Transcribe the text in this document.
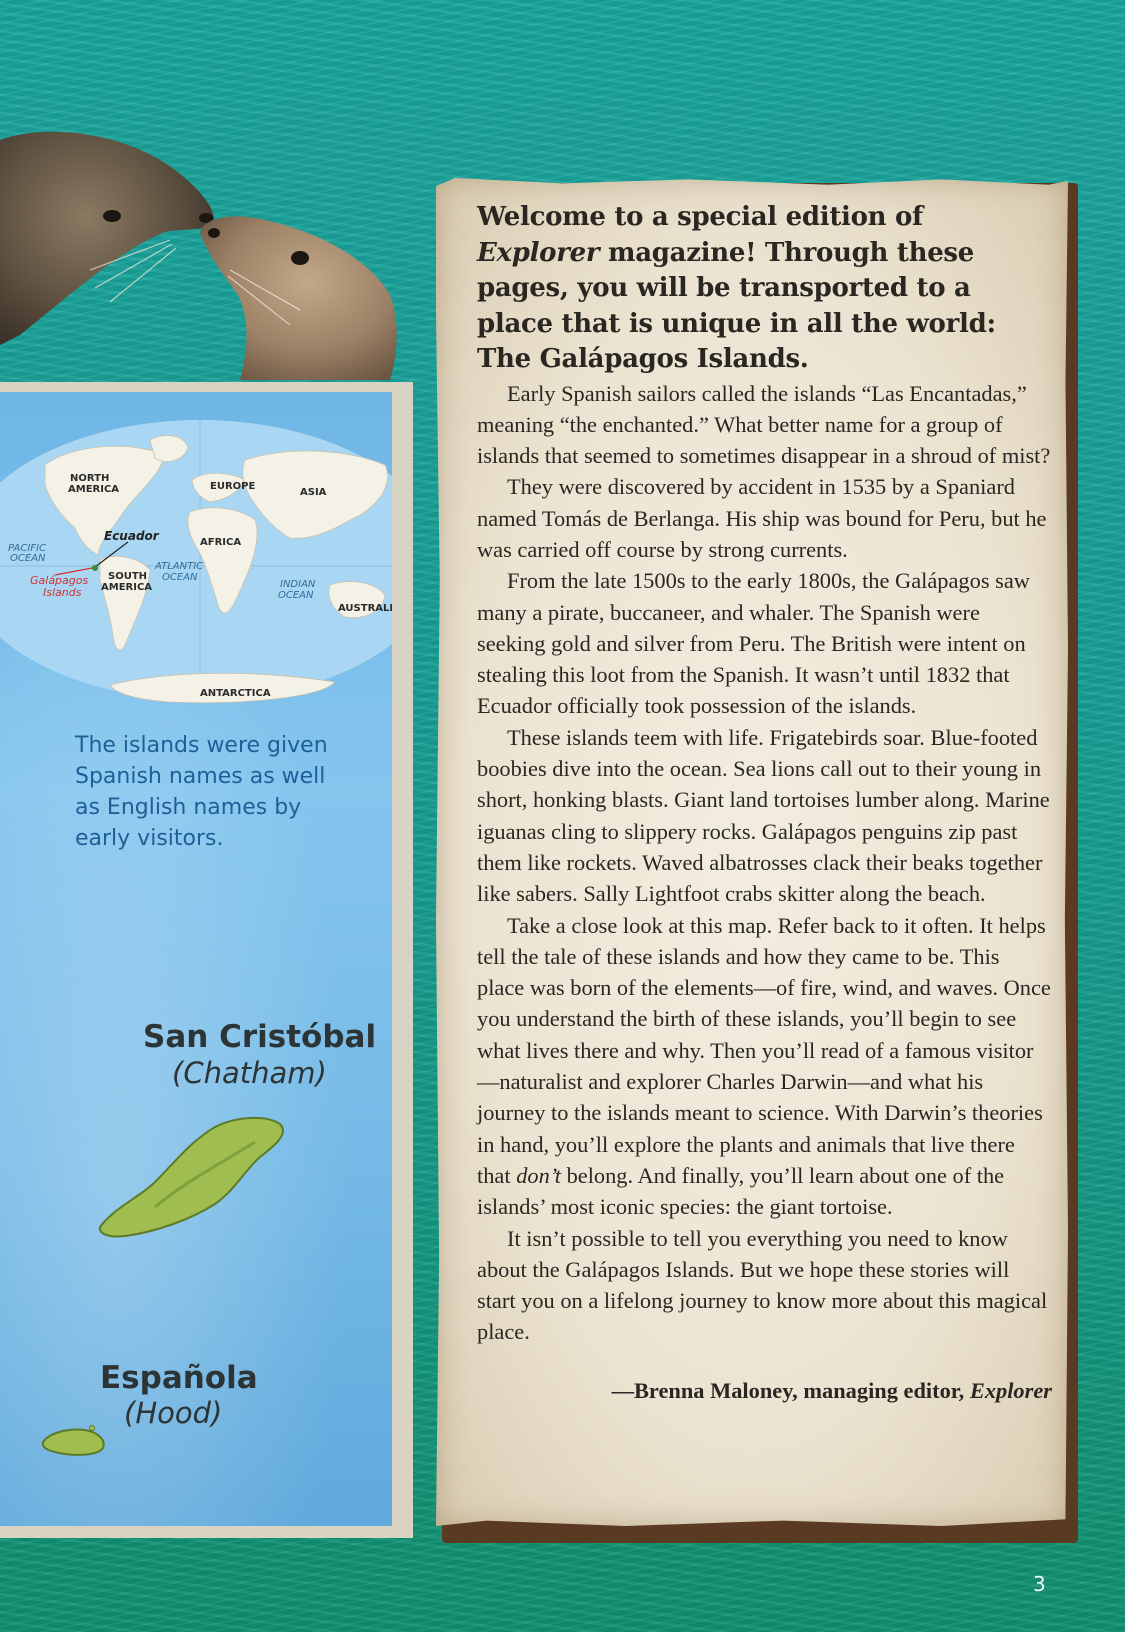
NORTH
AMERICA	EUROPE
ASIA
AFRICA
SOUTH
AMERICA
AUSTRALIA
ANTARCTICA
Ecuador
Galápagos
Islands
PACIFIC
OCEAN
PACIFIC
OCEAN
ATLANTIC
OCEAN
INDIAN
OCEAN

The islands were given Spanish names as well as English names by early visitors.

San Cristóbal

(Chatham)

Española

(Hood)

Welcome to a special edition of Explorer magazine! Through these pages, you will be transported to a place that is unique in all the world: The Galápagos Islands.

Early Spanish sailors called the islands “Las Encantadas,” meaning “the enchanted.” What better name for a group of islands that seemed to sometimes disappear in a shroud of mist?

They were discovered by accident in 1535 by a Spaniard named Tomás de Berlanga. His ship was bound for Peru, but he was carried off course by strong currents.

From the late 1500s to the early 1800s, the Galápagos saw many a pirate, buccaneer, and whaler. The Spanish were seeking gold and silver from Peru. The British were intent on stealing this loot from the Spanish. It wasn’t until 1832 that Ecuador officially took possession of the islands.

These islands teem with life. Frigatebirds soar. Blue-footed boobies dive into the ocean. Sea lions call out to their young in short, honking blasts. Giant land tortoises lumber along. Marine iguanas cling to slippery rocks. Galápagos penguins zip past them like rockets. Waved albatrosses clack their beaks together like sabers. Sally Lightfoot crabs skitter along the beach.

Take a close look at this map. Refer back to it often. It helps tell the tale of these islands and how they came to be. This place was born of the elements—of fire, wind, and waves. Once you understand the birth of these islands, you’ll begin to see what lives there and why. Then you’ll read of a famous visitor—naturalist and explorer Charles Darwin—and what his journey to the islands meant to science. With Darwin’s theories in hand, you’ll explore the plants and animals that live there that don’t belong. And finally, you’ll learn about one of the islands’ most iconic species: the giant tortoise.

It isn’t possible to tell you everything you need to know about the Galápagos Islands. But we hope these stories will start you on a lifelong journey to know more about this magical place.

—Brenna Maloney, managing editor, Explorer

3
